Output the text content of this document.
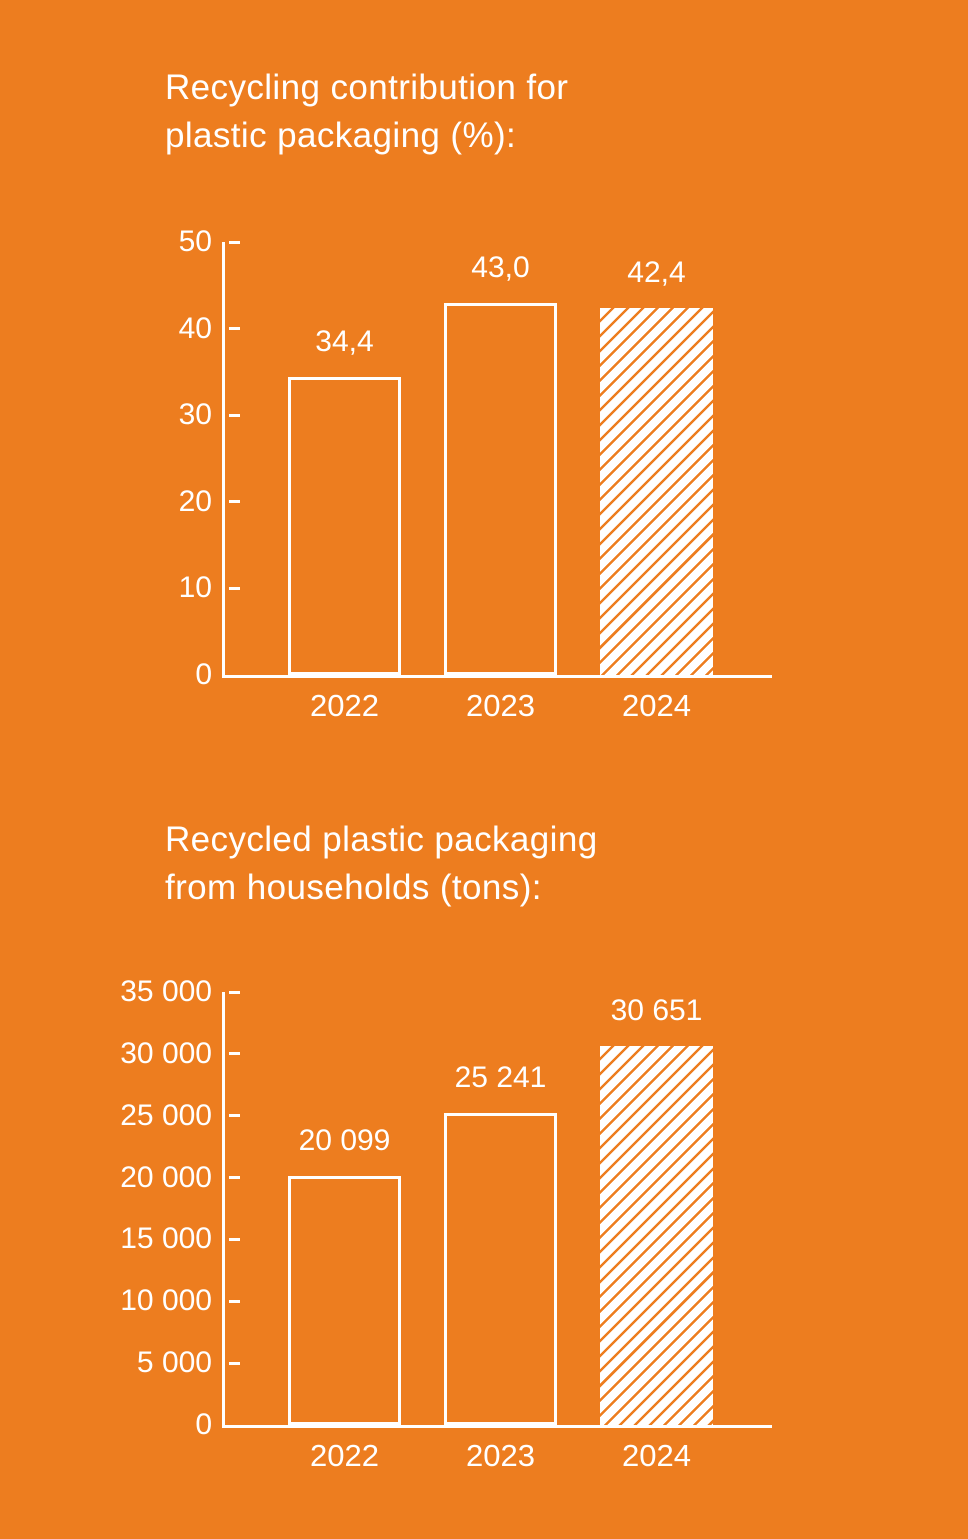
Recycling contribution for
plastic packaging (%):
0
10
20
30
40
50
34,4
2022
43,0
2023
42,4
2024
Recycled plastic packaging
from households (tons):
0
5 000
10 000
15 000
20 000
25 000
30 000
35 000
20 099
2022
25 241
2023
30 651
2024
